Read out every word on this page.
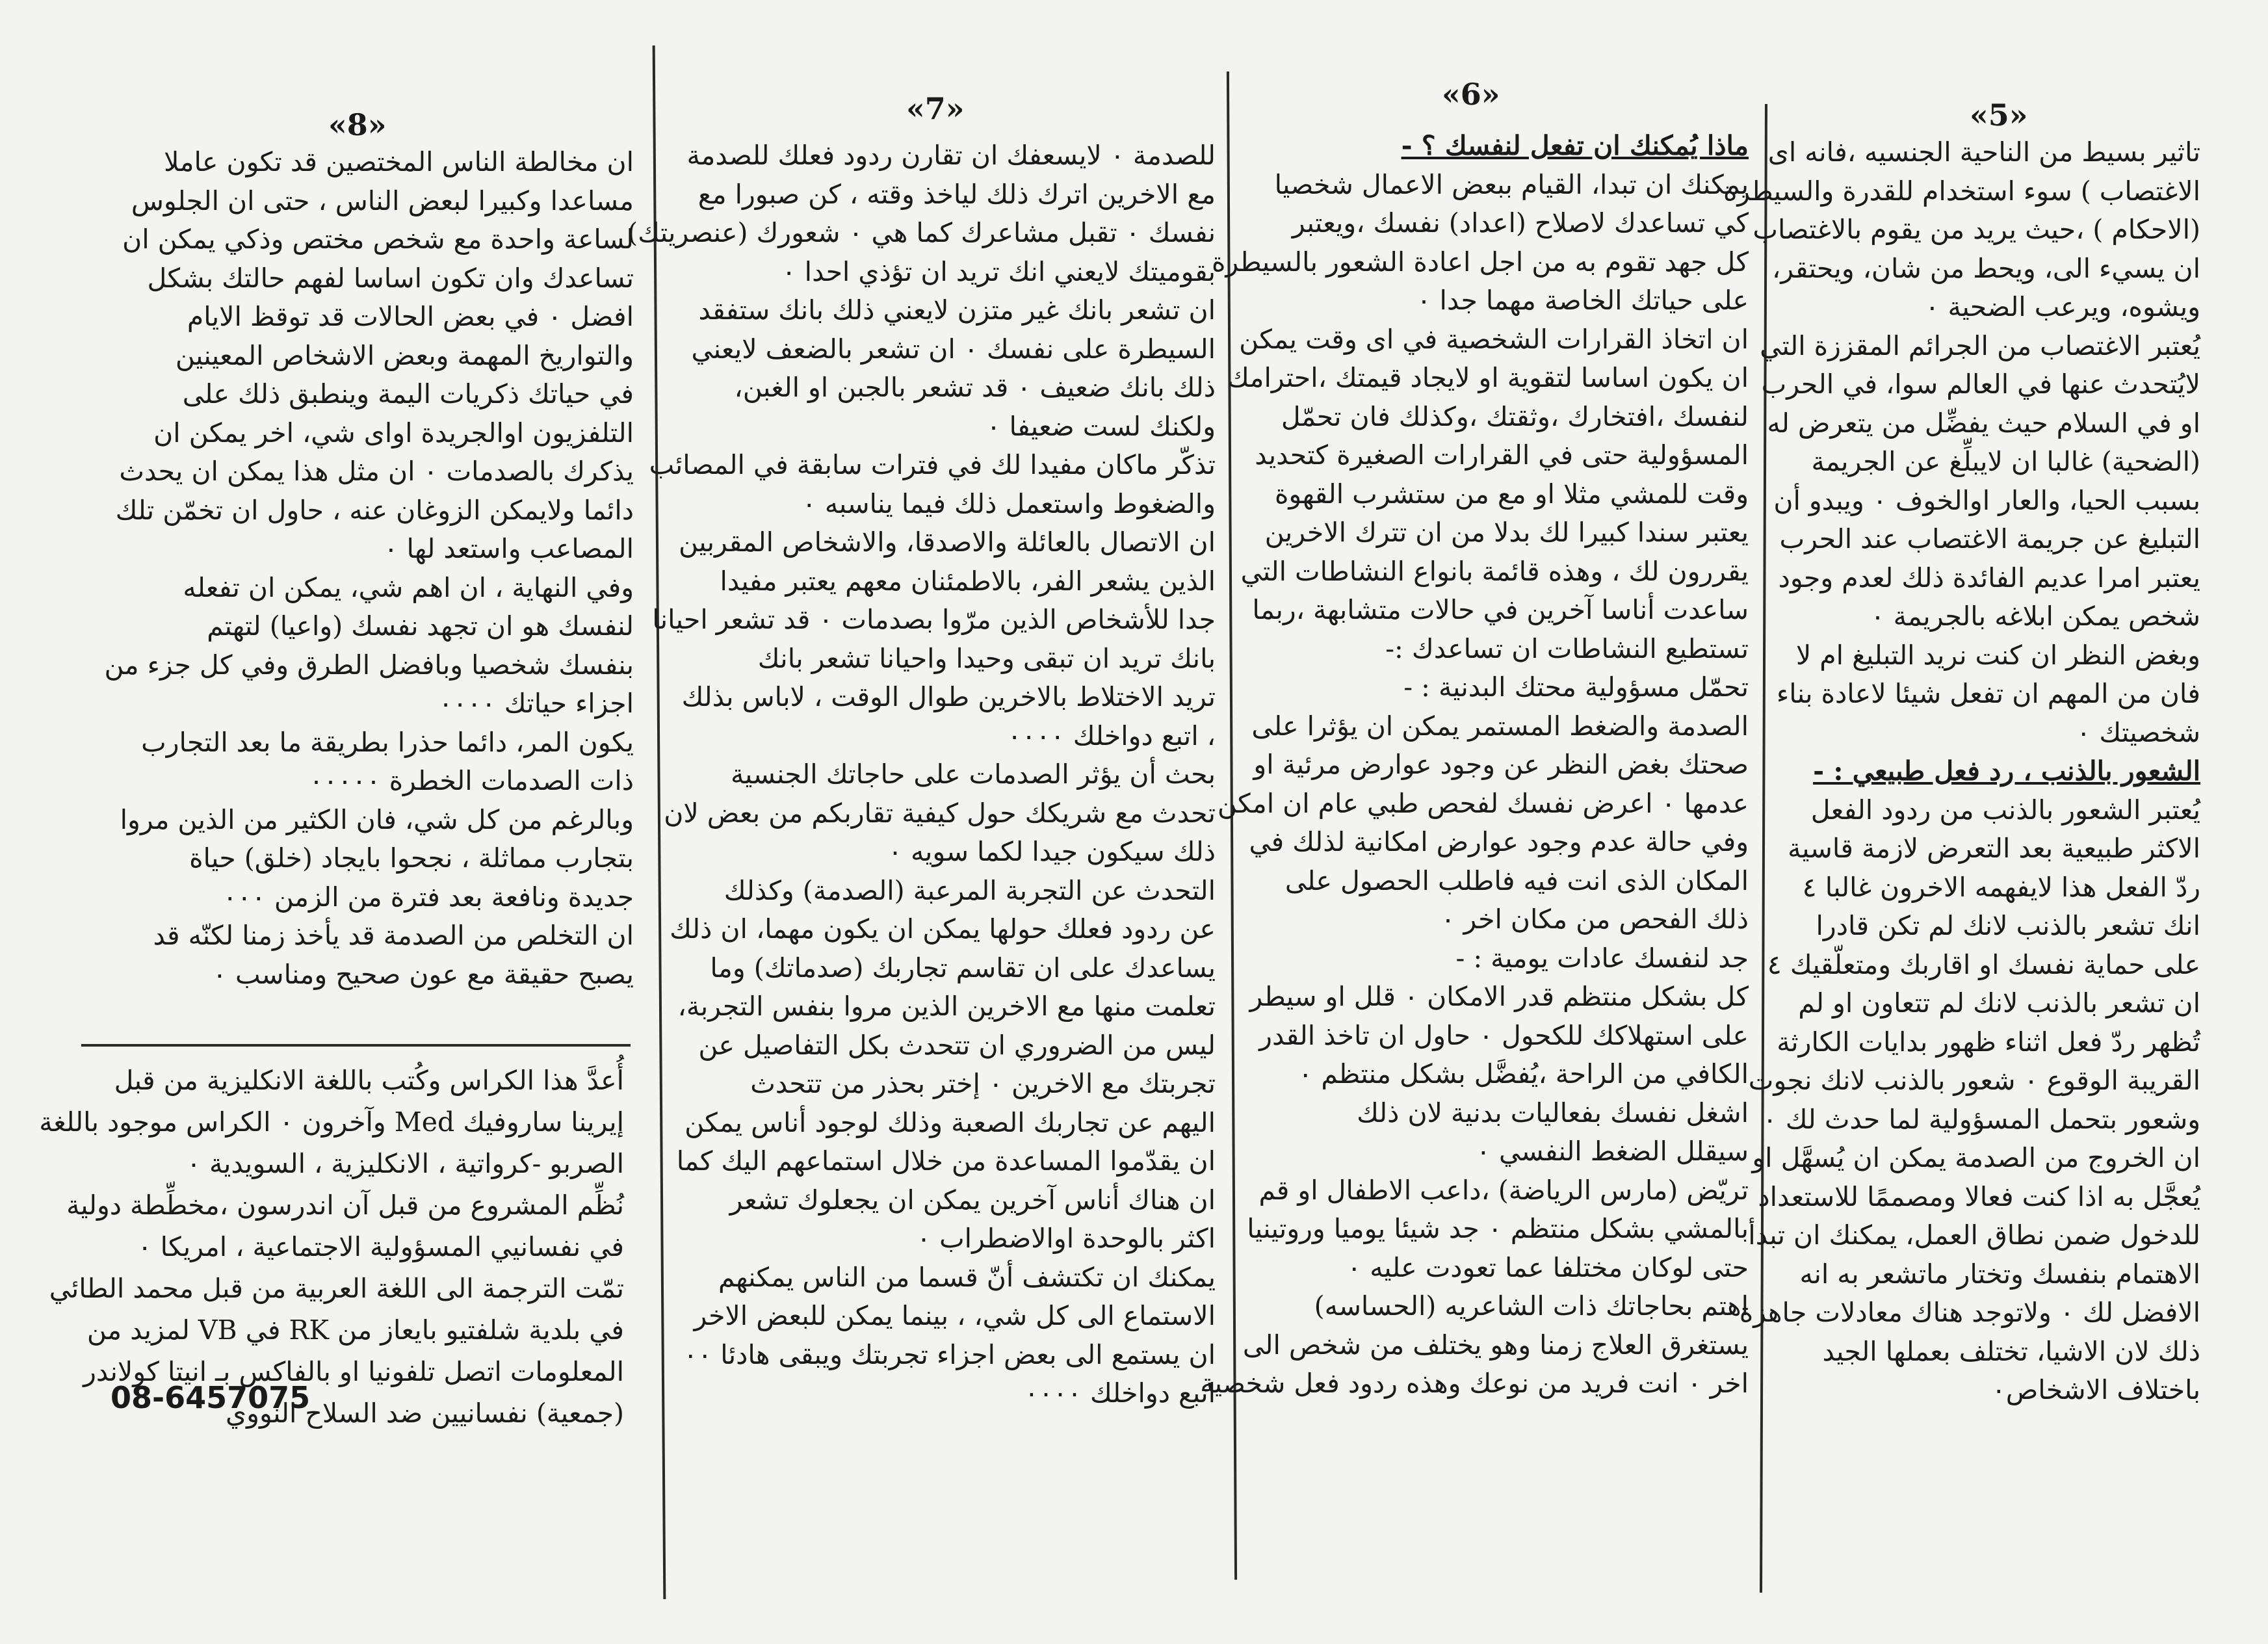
«5»
«6»
«7»
«8»
تاثير بسيط من الناحية الجنسيه ،فانه اى
الاغتصاب ) سوء استخدام للقدرة والسيطرة
(الاحكام ) ،حيث يريد من يقوم بالاغتصاب
ان يسيء الى، ويحط من شان، ويحتقر،
ويشوه، ويرعب الضحية ٠
يُعتبر الاغتصاب من الجرائم المقززة التي
لايُتحدث عنها في العالم سوا، في الحرب
او في السلام حيث يفضِّل من يتعرض له
(الضحية) غالبا ان لايبلِّغ عن الجريمة
بسبب الحيا، والعار اوالخوف ٠ ويبدو أن
التبليغ عن جريمة الاغتصاب عند الحرب
يعتبر امرا عديم الفائدة ذلك لعدم وجود
شخص يمكن ابلاغه بالجريمة ٠
وبغض النظر ان كنت نريد التبليغ ام لا
فان من المهم ان تفعل شيئا لاعادة بناء
شخصيتك ٠
الشعور بالذنب ، رد فعل طبيعي : -
يُعتبر الشعور بالذنب من ردود الفعل
الاكثر طبيعية بعد التعرض لازمة قاسية
ردّ الفعل هذا لايفهمه الاخرون غالبا ٤
انك تشعر بالذنب لانك لم تكن قادرا
على حماية نفسك او اقاربك ومتعلّقيك ٤
ان تشعر بالذنب لانك لم تتعاون او لم
تُظهر ردّ فعل اثناء ظهور بدايات الكارثة
القريبة الوقوع ٠ شعور بالذنب لانك نجوت
وشعور بتحمل المسؤولية لما حدث لك ٠
ان الخروج من الصدمة يمكن ان يُسهَّل او
يُعجَّل به اذا كنت فعالا ومصممًا للاستعداد
للدخول ضمن نطاق العمل، يمكنك ان تبدأ
الاهتمام بنفسك وتختار ماتشعر به انه
الافضل لك ٠ ولاتوجد هناك معادلات جاهزة
ذلك لان الاشيا، تختلف بعملها الجيد
باختلاف الاشخاص٠
ماذا يُمكنك ان تفعل لنفسك ؟ -
يمكنك ان تبدا، القيام ببعض الاعمال شخصيا
كي تساعدك لاصلاح (اعداد) نفسك ،ويعتبر
كل جهد تقوم به من اجل اعادة الشعور بالسيطرة
على حياتك الخاصة مهما جدا ٠
ان اتخاذ القرارات الشخصية في اى وقت يمكن
ان يكون اساسا لتقوية او لايجاد قيمتك ،احترامك
لنفسك ،افتخارك ،وثقتك ،وكذلك فان تحمّل
المسؤولية حتى في القرارات الصغيرة كتحديد
وقت للمشي مثلا او مع من ستشرب القهوة
يعتبر سندا كبيرا لك بدلا من ان تترك الاخرين
يقررون لك ، وهذه قائمة بانواع النشاطات التي
ساعدت أناسا آخرين في حالات متشابهة ،ربما
تستطيع النشاطات ان تساعدك :-
تحمّل مسؤولية محتك البدنية : -
الصدمة والضغط المستمر يمكن ان يؤثرا على
صحتك بغض النظر عن وجود عوارض مرئية او
عدمها ٠ اعرض نفسك لفحص طبي عام ان امكن
وفي حالة عدم وجود عوارض امكانية لذلك في
المكان الذى انت فيه فاطلب الحصول على
ذلك الفحص من مكان اخر ٠
جد لنفسك عادات يومية : -
كل بشكل منتظم قدر الامكان ٠ قلل او سيطر
على استهلاكك للكحول ٠ حاول ان تاخذ القدر
الكافي من الراحة ،يُفضَّل بشكل منتظم ٠
اشغل نفسك بفعاليات بدنية لان ذلك
سيقلل الضغط النفسي ٠
تريّض (مارس الرياضة) ،داعب الاطفال او قم
بالمشي بشكل منتظم ٠ جد شيئا يوميا وروتينيا
حتى لوكان مختلفا عما تعودت عليه ٠
اهتم بحاجاتك ذات الشاعريه (الحساسه)
يستغرق العلاج زمنا وهو يختلف من شخص الى
اخر ٠ انت فريد من نوعك وهذه ردود فعل شخصية
للصدمة ٠ لايسعفك ان تقارن ردود فعلك للصدمة
مع الاخرين اترك ذلك لياخذ وقته ، كن صبورا مع
نفسك ٠ تقبل مشاعرك كما هي ٠ شعورك (عنصريتك)
بقوميتك لايعني انك تريد ان تؤذي احدا ٠
ان تشعر بانك غير متزن لايعني ذلك بانك ستفقد
السيطرة على نفسك ٠ ان تشعر بالضعف لايعني
ذلك بانك ضعيف ٠ قد تشعر بالجبن او الغبن،
ولكنك لست ضعيفا ٠
تذكّر ماكان مفيدا لك في فترات سابقة في المصائب
والضغوط واستعمل ذلك فيما يناسبه ٠
ان الاتصال بالعائلة والاصدقا، والاشخاص المقربين
الذين يشعر الفر، بالاطمئنان معهم يعتبر مفيدا
جدا للأشخاص الذين مرّوا بصدمات ٠ قد تشعر احيانا
بانك تريد ان تبقى وحيدا واحيانا تشعر بانك
تريد الاختلاط بالاخرين طوال الوقت ، لاباس بذلك
، اتبع دواخلك ٠٠٠٠
بحث أن يؤثر الصدمات على حاجاتك الجنسية
تحدث مع شريكك حول كيفية تقاربكم من بعض لان
ذلك سيكون جيدا لكما سويه ٠
التحدث عن التجربة المرعبة (الصدمة) وكذلك
عن ردود فعلك حولها يمكن ان يكون مهما، ان ذلك
يساعدك على ان تقاسم تجاربك (صدماتك) وما
تعلمت منها مع الاخرين الذين مروا بنفس التجربة،
ليس من الضروري ان تتحدث بكل التفاصيل عن
تجربتك مع الاخرين ٠ إختر بحذر من تتحدث
اليهم عن تجاربك الصعبة وذلك لوجود أناس يمكن
ان يقدّموا المساعدة من خلال استماعهم اليك كما
ان هناك أناس آخرين يمكن ان يجعلوك تشعر
اكثر بالوحدة اوالاضطراب ٠
يمكنك ان تكتشف أنّ قسما من الناس يمكنهم
الاستماع الى كل شي، ، بينما يمكن للبعض الاخر
ان يستمع الى بعض اجزاء تجربتك ويبقى هادئا ٠٠
اتبع دواخلك ٠٠٠٠
ان مخالطة الناس المختصين قد تكون عاملا
مساعدا وكبيرا لبعض الناس ، حتى ان الجلوس
لساعة واحدة مع شخص مختص وذكي يمكن ان
تساعدك وان تكون اساسا لفهم حالتك بشكل
افضل ٠ في بعض الحالات قد توقظ الايام
والتواريخ المهمة وبعض الاشخاص المعينين
في حياتك ذكريات اليمة وينطبق ذلك على
التلفزيون اوالجريدة اواى شي، اخر يمكن ان
يذكرك بالصدمات ٠ ان مثل هذا يمكن ان يحدث
دائما ولايمكن الزوغان عنه ، حاول ان تخمّن تلك
المصاعب واستعد لها ٠
وفي النهاية ، ان اهم شي، يمكن ان تفعله
لنفسك هو ان تجهد نفسك (واعيا) لتهتم
بنفسك شخصيا وبافضل الطرق وفي كل جزء من
اجزاء حياتك ٠٠٠٠
يكون المر، دائما حذرا بطريقة ما بعد التجارب
ذات الصدمات الخطرة ٠٠٠٠٠
وبالرغم من كل شي، فان الكثير من الذين مروا
بتجارب مماثلة ، نجحوا بايجاد (خلق) حياة
جديدة ونافعة بعد فترة من الزمن ٠٠٠
ان التخلص من الصدمة قد يأخذ زمنا لكنّه قد
يصبح حقيقة مع عون صحيح ومناسب ٠
أُعدَّ هذا الكراس وكُتب باللغة الانكليزية من قبل
إيرينا ساروفيك Med وآخرون ٠ الكراس موجود باللغة
الصربو -كرواتية ، الانكليزية ، السويدية ٠
نُظِّم المشروع من قبل آن اندرسون ،مخطِّطة دولية
في نفسانيي المسؤولية الاجتماعية ، امريكا ٠
تمّت الترجمة الى اللغة العربية من قبل محمد الطائي
في بلدية شلفتيو بايعاز من RK في VB لمزيد من
المعلومات اتصل تلفونيا او بالفاكس بـ انيتا كولاندر
(جمعية) نفسانيين ضد السلاح النووي
08-6457075
